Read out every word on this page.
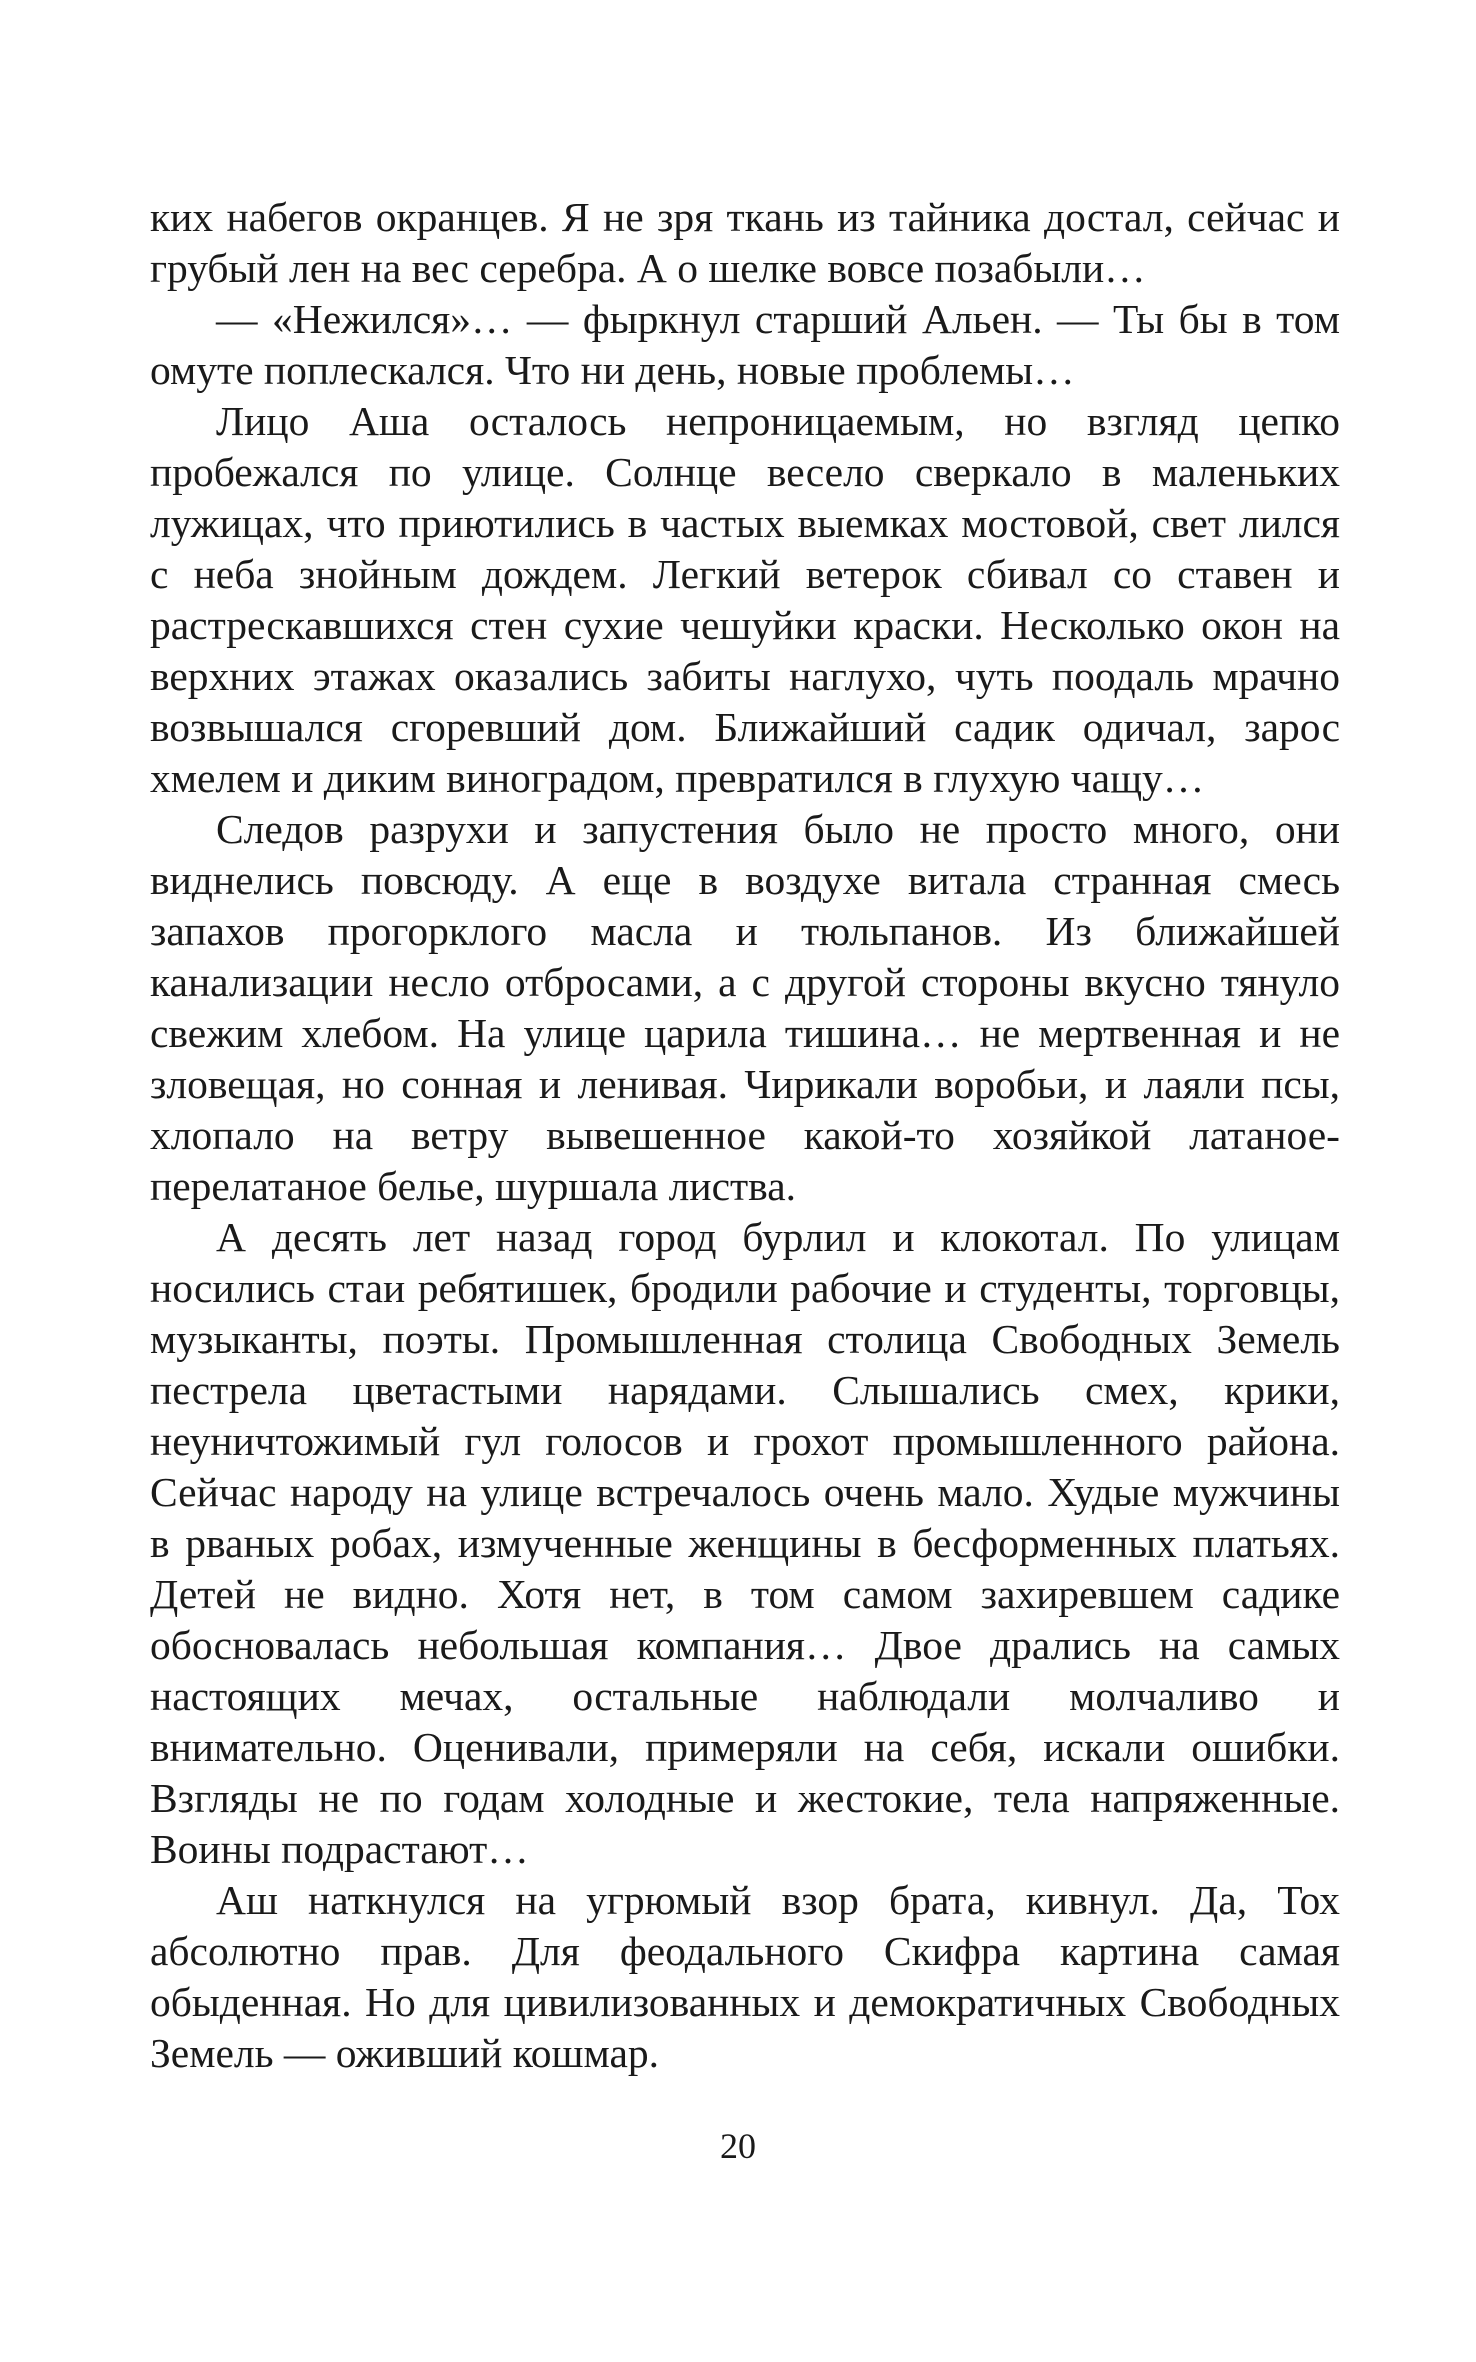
ких набегов окранцев. Я не зря ткань из тайника достал, сейчас и грубый лен на вес серебра. А о шелке вовсе позабыли…

— «Нежился»… — фыркнул старший Альен. — Ты бы в том омуте поплескался. Что ни день, новые проблемы…

Лицо Аша осталось непроницаемым, но взгляд цепко пробежался по улице. Солнце весело сверкало в маленьких лужицах, что приютились в частых выемках мостовой, свет лился с неба знойным дождем. Легкий ветерок сбивал со ставен и растрескавшихся стен сухие чешуйки краски. Несколько окон на верхних этажах оказались забиты наглухо, чуть поодаль мрачно возвышался сгоревший дом. Ближайший садик одичал, зарос хмелем и диким виноградом, превратился в глухую чащу…

Следов разрухи и запустения было не просто много, они виднелись повсюду. А еще в воздухе витала странная смесь запахов прогорклого масла и тюльпанов. Из ближайшей канализации несло отбросами, а с другой стороны вкусно тянуло свежим хлебом. На улице царила тишина… не мертвенная и не зловещая, но сонная и ленивая. Чирикали воробьи, и лаяли псы, хлопало на ветру вывешенное какой-то хозяйкой латаное-перелатаное белье, шуршала листва.

А десять лет назад город бурлил и клокотал. По улицам носились стаи ребятишек, бродили рабочие и студенты, торговцы, музыканты, поэты. Промышленная столица Свободных Земель пестрела цветастыми нарядами. Слышались смех, крики, неуничтожимый гул голосов и грохот промышленного района. Сейчас народу на улице встречалось очень мало. Худые мужчины в рваных робах, измученные женщины в бесформенных платьях. Детей не видно. Хотя нет, в том самом захиревшем садике обосновалась небольшая компания… Двое дрались на самых настоящих мечах, остальные наблюдали молчаливо и внимательно. Оценивали, примеряли на себя, искали ошибки. Взгляды не по годам холодные и жестокие, тела напряженные. Воины подрастают…

Аш наткнулся на угрюмый взор брата, кивнул. Да, Тох абсолютно прав. Для феодального Скифра картина самая обыденная. Но для цивилизованных и демократичных Свободных Земель — оживший кошмар.

20
